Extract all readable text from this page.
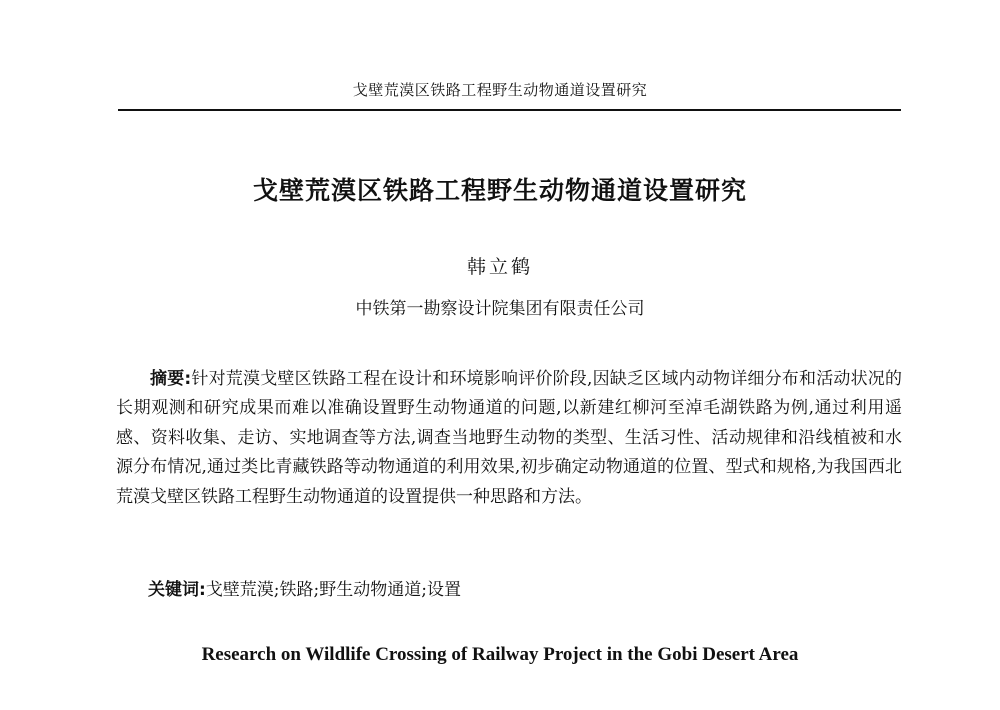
戈壁荒漠区铁路工程野生动物通道设置研究
戈壁荒漠区铁路工程野生动物通道设置研究
韩立鹤
中铁第一勘察设计院集团有限责任公司

摘要:针对荒漠戈壁区铁路工程在设计和环境影响评价阶段,因缺乏区域内动物详细分布和活动状况的长期观测和研究成果而难以准确设置野生动物通道的问题,以新建红柳河至淖毛湖铁路为例,通过利用遥感、资料收集、走访、实地调查等方法,调查当地野生动物的类型、生活习性、活动规律和沿线植被和水源分布情况,通过类比青藏铁路等动物通道的利用效果,初步确定动物通道的位置、型式和规格,为我国西北荒漠戈壁区铁路工程野生动物通道的设置提供一种思路和方法。

关键词:戈壁荒漠;铁路;野生动物通道;设置
Research on Wildlife Crossing of Railway Project in the Gobi Desert Area
